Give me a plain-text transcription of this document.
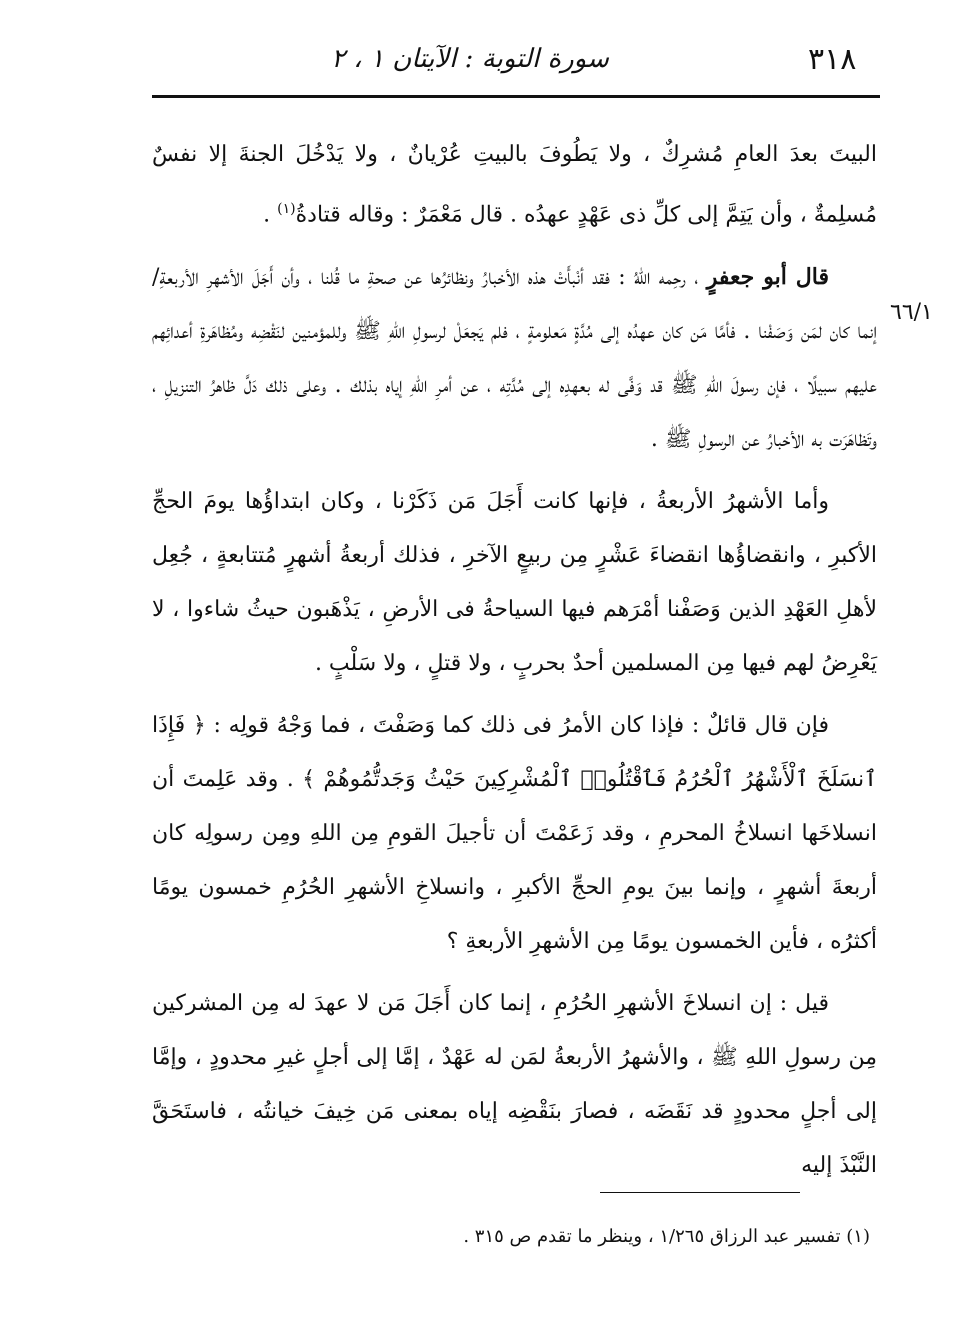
٣١٨
سورة التوبة : الآيتان ١ ، ٢
٦٦/١

البيتَ بعدَ العامِ مُشرِكٌ ، ولا يَطُوفَ بالبيتِ عُرْيانٌ ، ولا يَدْخُلَ الجنةَ إلا نفسٌ مُسلِمةٌ ، وأن يَتِمَّ إلى كلِّ ذى عَهْدٍ عهدُه . قال مَعْمَرٌ : وقاله قتادةُ$^{(١)}$ .

قال أبو جعفرٍ ، رحِمه اللهُ : فقد أنْبأَتْ هذه الأخبارُ ونظائرُها عن صحةِ ما قُلنا ، وأن أَجَلَ الأشهرِ الأربعةِ/ إنما كان لمَن وَصَفْنا . فأمَّا مَن كان عهدُه إلى مُدَّةٍ مَعلومةٍ ، فلم يَجعَلْ لرسولِ اللهِ ﷺ وللمؤمنين لنَقْضِه ومُظاهَرةِ أعدائِهم عليهم سبيلًا ، فإن رسولَ اللهِ ﷺ قد وَفَّى له بعهدِه إلى مُدَّتِه ، عن أمرِ اللهِ إياه بذلك . وعلى ذلك دَلَّ ظاهرُ التنزيلِ ، وتَظاهَرَت به الأخبارُ عن الرسولِ ﷺ .

وأما الأشهرُ الأربعةُ ، فإنها كانت أَجَلَ مَن ذَكَرْنا ، وكان ابتداؤُها يومَ الحجِّ الأكبرِ ، وانقضاؤُها انقضاءَ عَشْرٍ مِن ربيعٍ الآخرِ ، فذلك أربعةُ أشهرٍ مُتتابعةٍ ، جُعِل لأهلِ العَهْدِ الذين وَصَفْنا أمْرَهم فيها السياحةُ فى الأرضِ ، يَذْهَبون حيثُ شاءوا ، لا يَعْرِضُ لهم فيها مِن المسلمين أحدٌ بحربٍ ، ولا قتلٍ ، ولا سَلْبٍ .

فإن قال قائلٌ : فإذا كان الأمرُ فى ذلك كما وَصَفْتَ ، فما وَجْهُ قولِه : ﴿ فَإِذَا ٱنسَلَخَ ٱلْأَشْهُرُ ٱلْحُرُمُ فَٱقْتُلُوا۟ ٱلْمُشْرِكِينَ حَيْثُ وَجَدتُّمُوهُمْ ﴾ . وقد عَلِمتَ أن انسلاخَها انسلاخُ المحرمِ ، وقد زَعَمْتَ أن تأجيلَ القومِ مِن اللهِ ومِن رسولِه كان أربعةَ أشهرٍ ، وإنما بينَ يومِ الحجِّ الأكبرِ ، وانسلاخِ الأشهرِ الحُرُمِ خمسون يومًا أكثرُه ، فأين الخمسون يومًا مِن الأشهرِ الأربعةِ ؟

قيل : إن انسلاخَ الأشهرِ الحُرُمِ ، إنما كان أَجَلَ مَن لا عهدَ له مِن المشركين مِن رسولِ اللهِ ﷺ ، والأشهرُ الأربعةُ لمَن له عَهْدٌ ، إمَّا إلى أجلٍ غيرِ محدودٍ ، وإمَّا إلى أجلٍ محدودٍ قد نَقَضَه ، فصارَ بنَقْضِه إياه بمعنى مَن خِيفَ خيانتُه ، فاستَحَقَّ النَّبْذَ إليه

(١) تفسير عبد الرزاق ١/٢٦٥ ، وينظر ما تقدم ص ٣١٥ .
